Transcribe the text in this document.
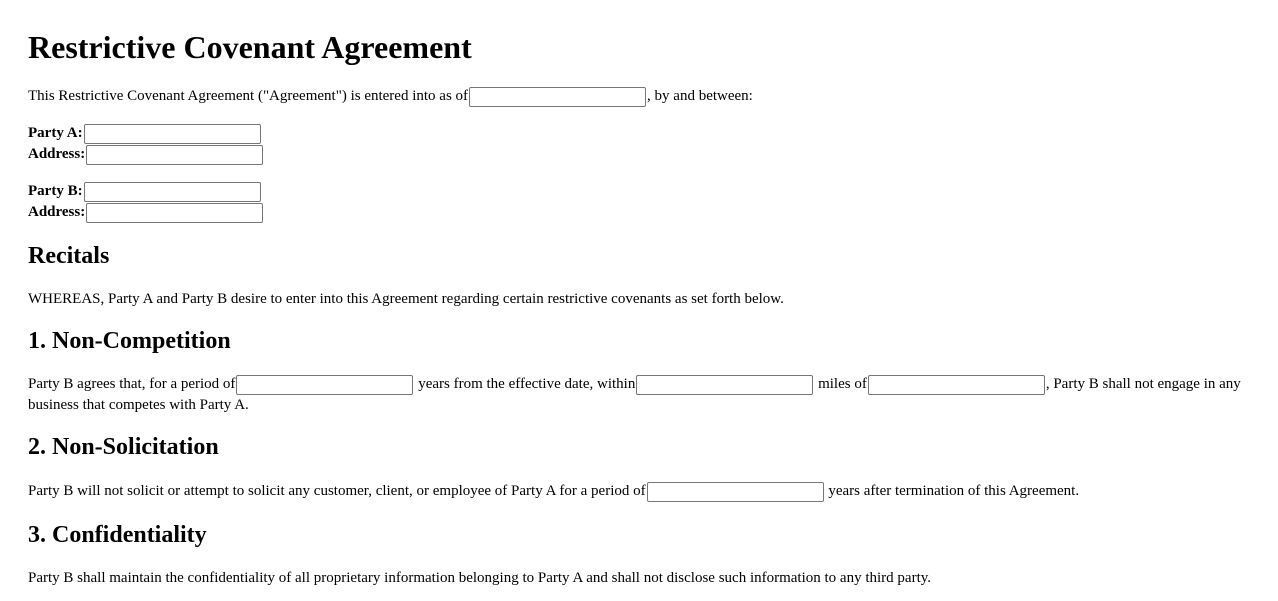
Restrictive Covenant Agreement
This Restrictive Covenant Agreement ("Agreement") is entered into as of	, by and between:
Party A:
Address:
Party B:
Address:
Recitals
WHEREAS, Party A and Party B desire to enter into this Agreement regarding certain restrictive covenants as set forth below.
1. Non-Competition
Party B agrees that, for a period of	years from the effective date, within	miles of	, Party B shall not engage in any business that competes with Party A.
2. Non-Solicitation
Party B will not solicit or attempt to solicit any customer, client, or employee of Party A for a period of	years after termination of this Agreement.
3. Confidentiality
Party B shall maintain the confidentiality of all proprietary information belonging to Party A and shall not disclose such information to any third party.
